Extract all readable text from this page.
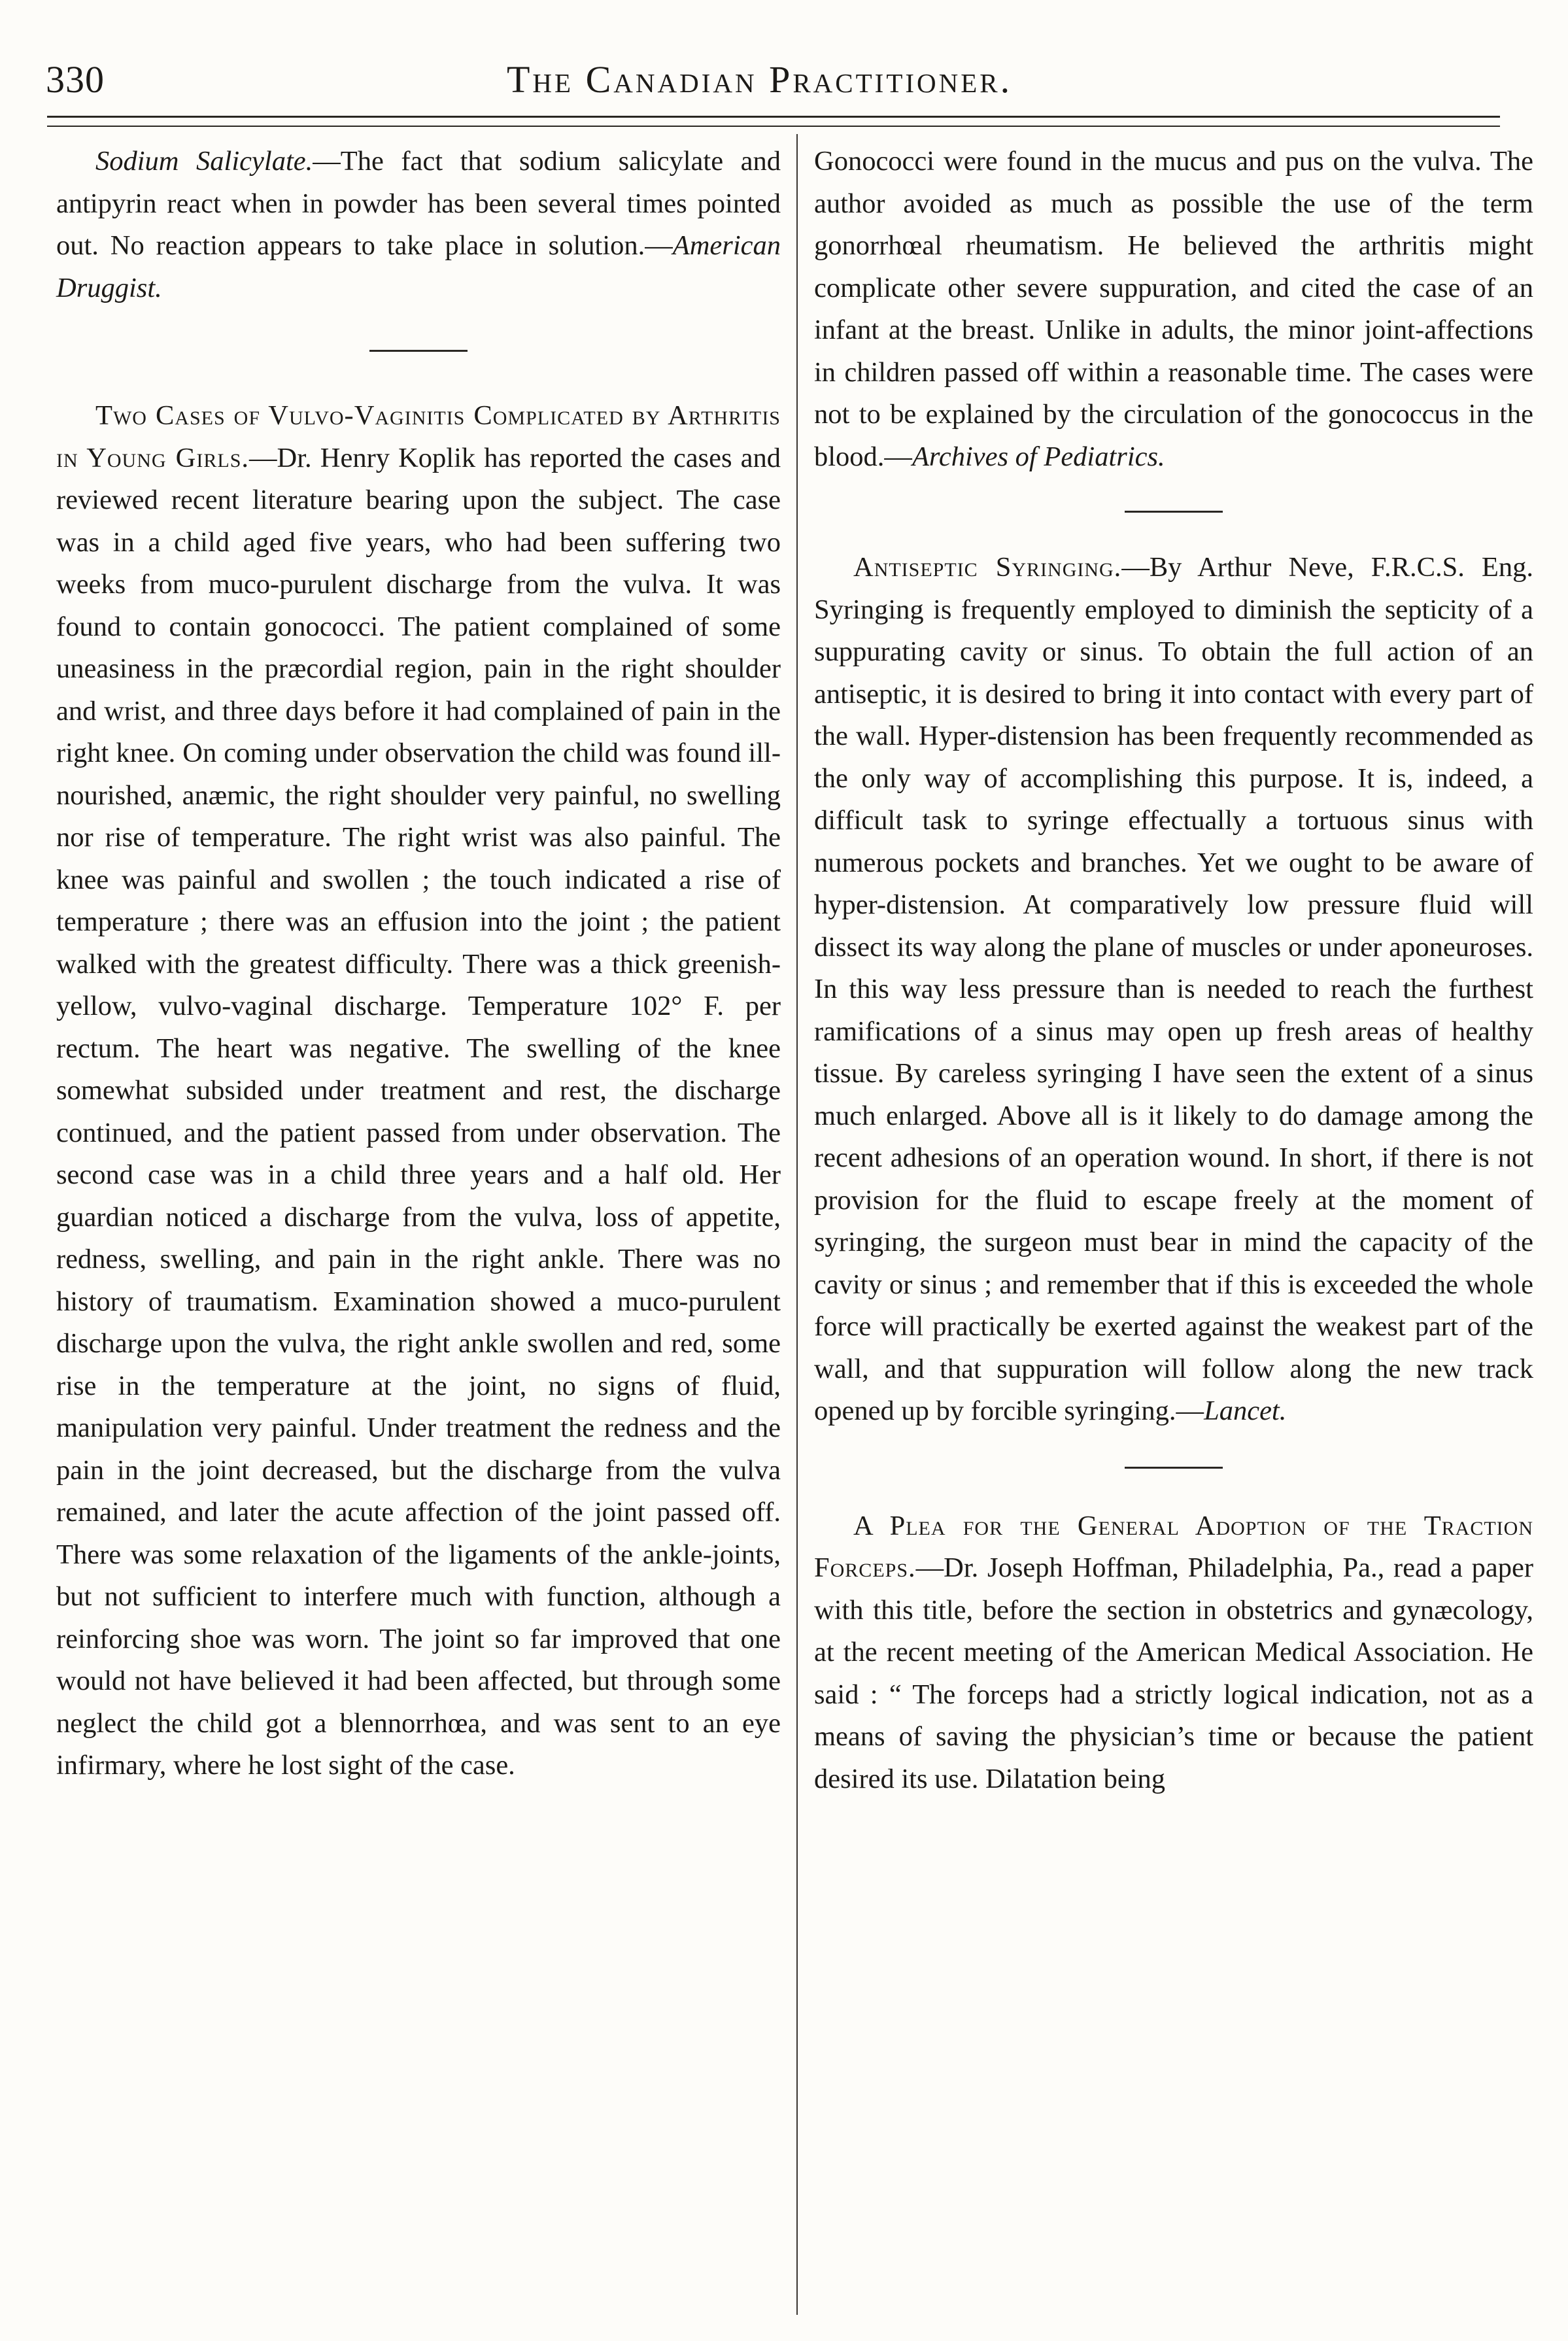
330	The Canadian Practitioner.

Sodium Salicylate.—The fact that sodium salicylate and antipyrin react when in powder has been several times pointed out. No reaction appears to take place in solution.—American Druggist.

Two Cases of Vulvo-Vaginitis Complicated by Arthritis in Young Girls.—Dr. Henry Koplik has reported the cases and reviewed recent literature bearing upon the subject. The case was in a child aged five years, who had been suffering two weeks from muco-purulent discharge from the vulva. It was found to contain gonococci. The patient complained of some uneasiness in the præcordial region, pain in the right shoulder and wrist, and three days before it had complained of pain in the right knee. On coming under observation the child was found ill-nourished, anæmic, the right shoulder very painful, no swelling nor rise of temperature. The right wrist was also painful. The knee was painful and swollen ; the touch indicated a rise of temperature ; there was an effusion into the joint ; the patient walked with the greatest difficulty. There was a thick greenish-yellow, vulvo-vaginal discharge. Temperature 102° F. per rectum. The heart was negative. The swelling of the knee somewhat subsided under treatment and rest, the discharge continued, and the patient passed from under observation. The second case was in a child three years and a half old. Her guardian noticed a discharge from the vulva, loss of appetite, redness, swelling, and pain in the right ankle. There was no history of traumatism. Examination showed a muco-purulent discharge upon the vulva, the right ankle swollen and red, some rise in the temperature at the joint, no signs of fluid, manipulation very painful. Under treatment the redness and the pain in the joint decreased, but the discharge from the vulva remained, and later the acute affection of the joint passed off. There was some relaxation of the ligaments of the ankle-joints, but not sufficient to interfere much with function, although a reinforcing shoe was worn. The joint so far improved that one would not have believed it had been affected, but through some neglect the child got a blennorrhœa, and was sent to an eye infirmary, where he lost sight of the case.

Gonococci were found in the mucus and pus on the vulva. The author avoided as much as possible the use of the term gonorrhœal rheumatism. He believed the arthritis might complicate other severe suppuration, and cited the case of an infant at the breast. Unlike in adults, the minor joint-affections in children passed off within a reasonable time. The cases were not to be explained by the circulation of the gonococcus in the blood.—Archives of Pediatrics.

Antiseptic Syringing.—By Arthur Neve, F.R.C.S. Eng. Syringing is frequently employed to diminish the septicity of a suppurating cavity or sinus. To obtain the full action of an antiseptic, it is desired to bring it into contact with every part of the wall. Hyper-distension has been frequently recommended as the only way of accomplishing this purpose. It is, indeed, a difficult task to syringe effectually a tortuous sinus with numerous pockets and branches. Yet we ought to be aware of hyper-distension. At comparatively low pressure fluid will dissect its way along the plane of muscles or under aponeuroses. In this way less pressure than is needed to reach the furthest ramifications of a sinus may open up fresh areas of healthy tissue. By careless syringing I have seen the extent of a sinus much enlarged. Above all is it likely to do damage among the recent adhesions of an operation wound. In short, if there is not provision for the fluid to escape freely at the moment of syringing, the surgeon must bear in mind the capacity of the cavity or sinus ; and remember that if this is exceeded the whole force will practically be exerted against the weakest part of the wall, and that suppuration will follow along the new track opened up by forcible syringing.—Lancet.

A Plea for the General Adoption of the Traction Forceps.—Dr. Joseph Hoffman, Philadelphia, Pa., read a paper with this title, before the section in obstetrics and gynæcology, at the recent meeting of the American Medical Association. He said : “ The forceps had a strictly logical indication, not as a means of saving the physician’s time or because the patient desired its use. Dilatation being
